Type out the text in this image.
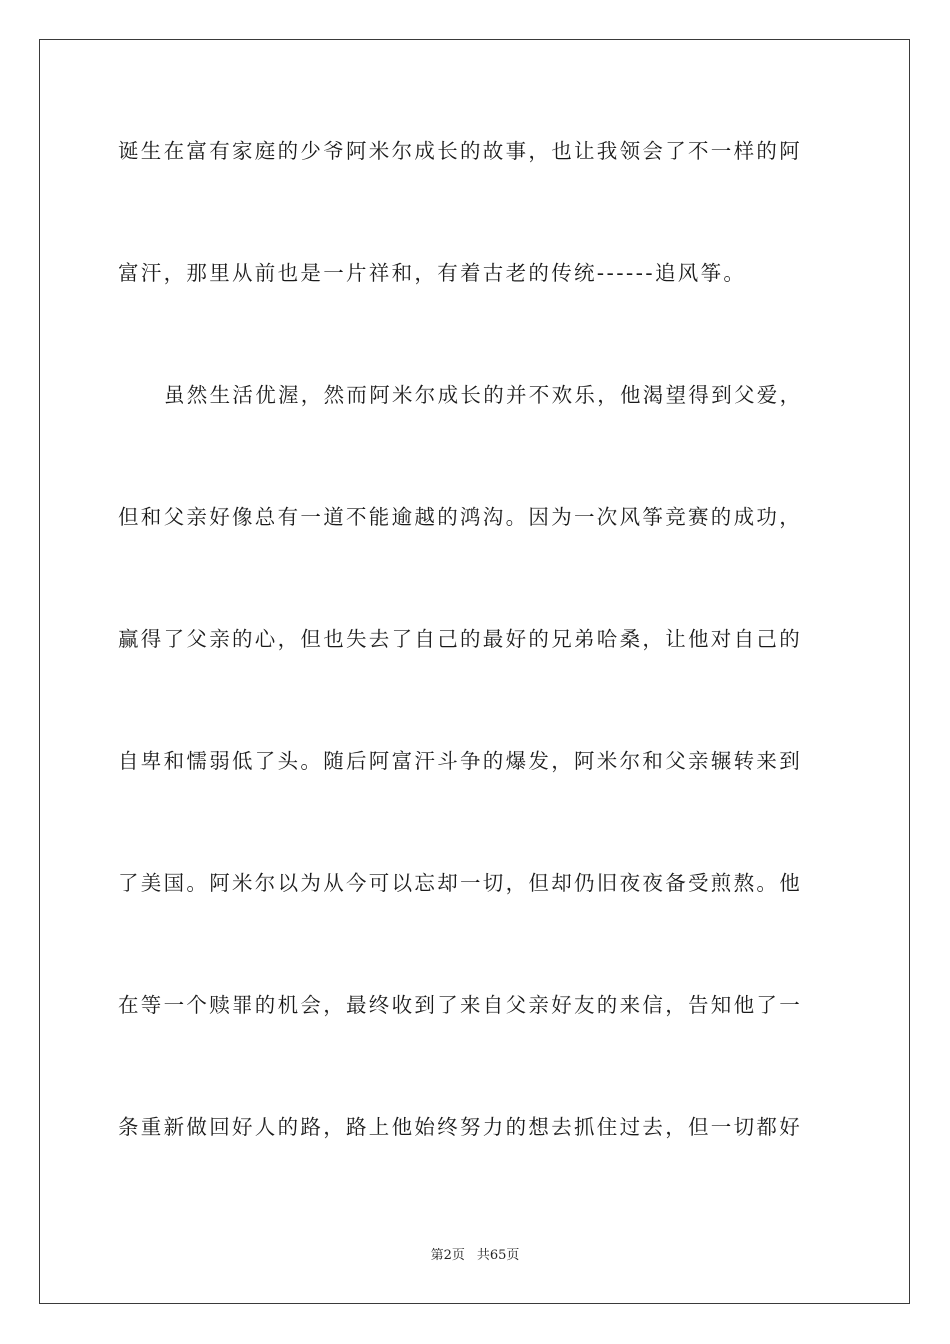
诞生在富有家庭的少爷阿米尔成长的故事，也让我领会了不一样的阿
富汗，那里从前也是一片祥和，有着古老的传统------追风筝。
虽然生活优渥，然而阿米尔成长的并不欢乐，他渴望得到父爱，
但和父亲好像总有一道不能逾越的鸿沟。因为一次风筝竞赛的成功，
赢得了父亲的心，但也失去了自己的最好的兄弟哈桑，让他对自己的
自卑和懦弱低了头。随后阿富汗斗争的爆发，阿米尔和父亲辗转来到
了美国。阿米尔以为从今可以忘却一切，但却仍旧夜夜备受煎熬。他
在等一个赎罪的机会，最终收到了来自父亲好友的来信，告知他了一
条重新做回好人的路，路上他始终努力的想去抓住过去，但一切都好
第2页 共65页
